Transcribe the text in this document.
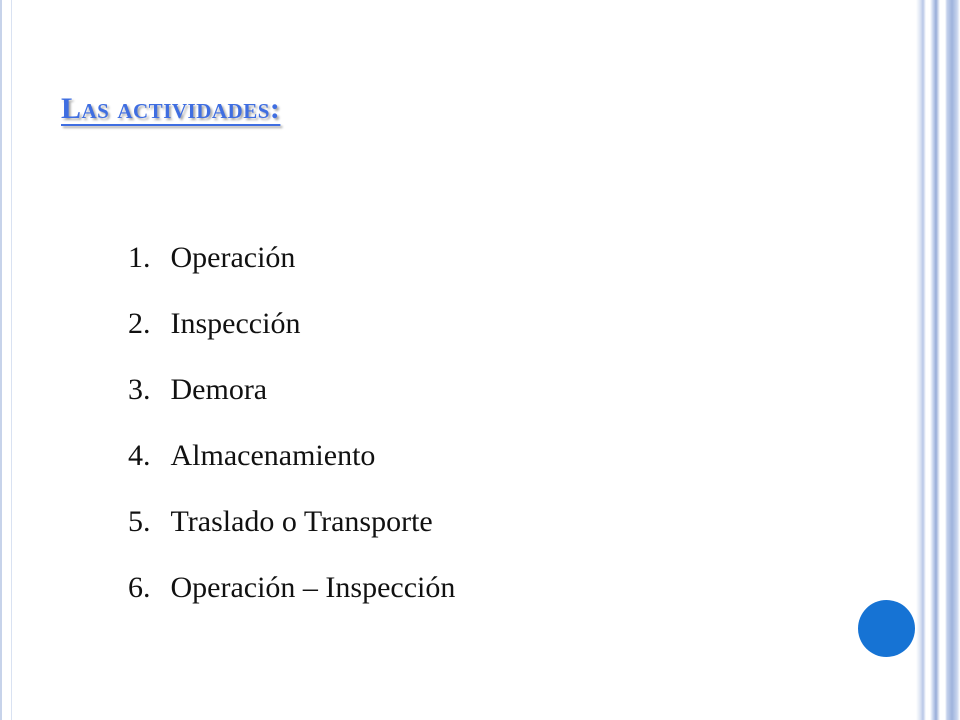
Las actividades:
1. Operación
2. Inspección
3. Demora
4. Almacenamiento
5. Traslado o Transporte
6. Operación – Inspección
